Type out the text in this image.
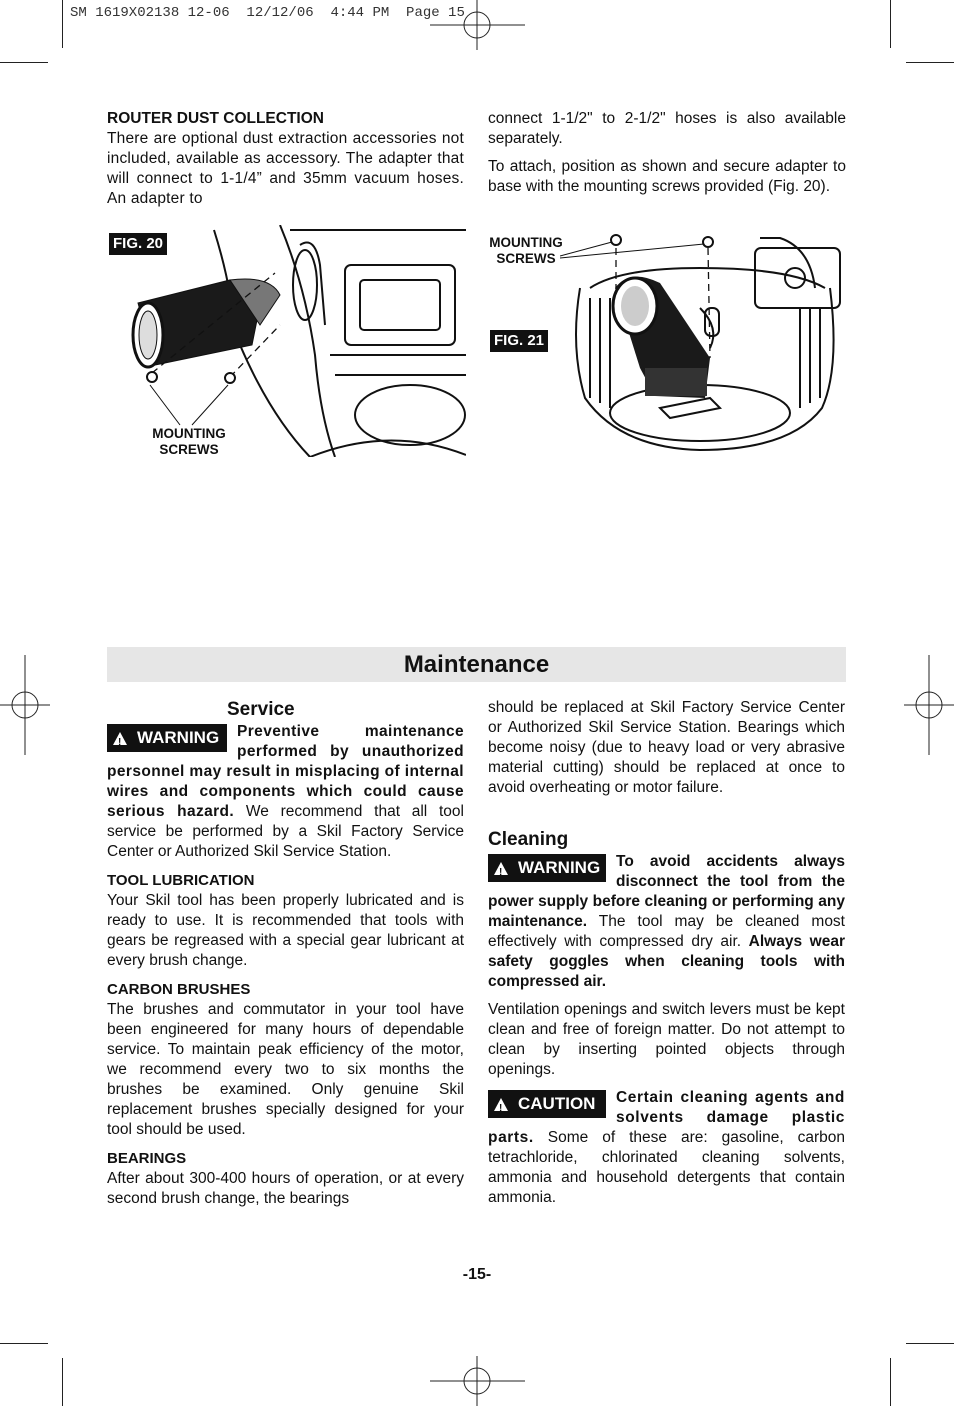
SM 1619X02138 12-06  12/12/06  4:44 PM  Page 15

ROUTER DUST COLLECTION

There are optional dust extraction accessories not included, available as accessory. The adapter that will connect to 1-1/4” and 35mm vacuum hoses. An adapter to

connect 1-1/2" to 2-1/2" hoses is also available separately.

To attach, position as shown and secure adapter to base with the mounting screws provided (Fig. 20).

FIG. 20
MOUNTING
SCREWS
MOUNTING
SCREWS
FIG. 21
Maintenance

Service

!
WARNING Preventive maintenance performed by unauthorized personnel may result in misplacing of internal wires and components which could cause serious hazard. We recommend that all tool service be performed by a Skil Factory Service Center or Authorized Skil Service Station.

TOOL LUBRICATION

Your Skil tool has been properly lubricated and is ready to use. It is recommended that tools with gears be regreased with a special gear lubricant at every brush change.

CARBON BRUSHES

The brushes and commutator in your tool have been engineered for many hours of dependable service. To maintain peak efficiency of the motor, we recommend every two to six months the brushes be examined. Only genuine Skil replacement brushes specially designed for your tool should be used.

BEARINGS

After about 300-400 hours of operation, or at every second brush change, the bearings

should be replaced at Skil Factory Service Center or Authorized Skil Service Station. Bearings which become noisy (due to heavy load or very abrasive material cutting) should be replaced at once to avoid overheating or motor failure.

Cleaning

!
WARNING To avoid accidents always disconnect the tool from the power supply before cleaning or performing any maintenance. The tool may be cleaned most effectively with compressed dry air. Always wear safety goggles when cleaning tools with compressed air.

Ventilation openings and switch levers must be kept clean and free of foreign matter. Do not attempt to clean by inserting pointed objects through openings.

!
CAUTION Certain cleaning agents and solvents damage plastic parts. Some of these are: gasoline, carbon tetrachloride, chlorinated cleaning solvents, ammonia and household detergents that contain ammonia.

-15-
